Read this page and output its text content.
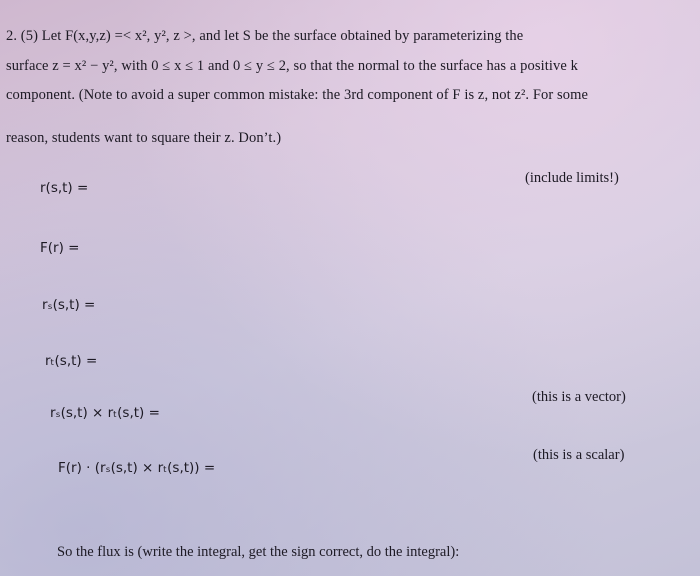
2. (5) Let F(x,y,z) =< x², y², z >, and let S be the surface obtained by parameterizing the
surface z = x² − y², with 0 ≤ x ≤ 1 and 0 ≤ y ≤ 2, so that the normal to the surface has a positive k
component. (Note to avoid a super common mistake: the 3rd component of F is z, not z². For some
reason, students want to square their z. Don’t.)
(include limits!)
r(s,t) =
F(r) =
rₛ(s,t) =
rₜ(s,t) =
rₛ(s,t) × rₜ(s,t) =
(this is a vector)
F(r) · (rₛ(s,t) × rₜ(s,t)) =
(this is a scalar)
So the flux is (write the integral, get the sign correct, do the integral):
